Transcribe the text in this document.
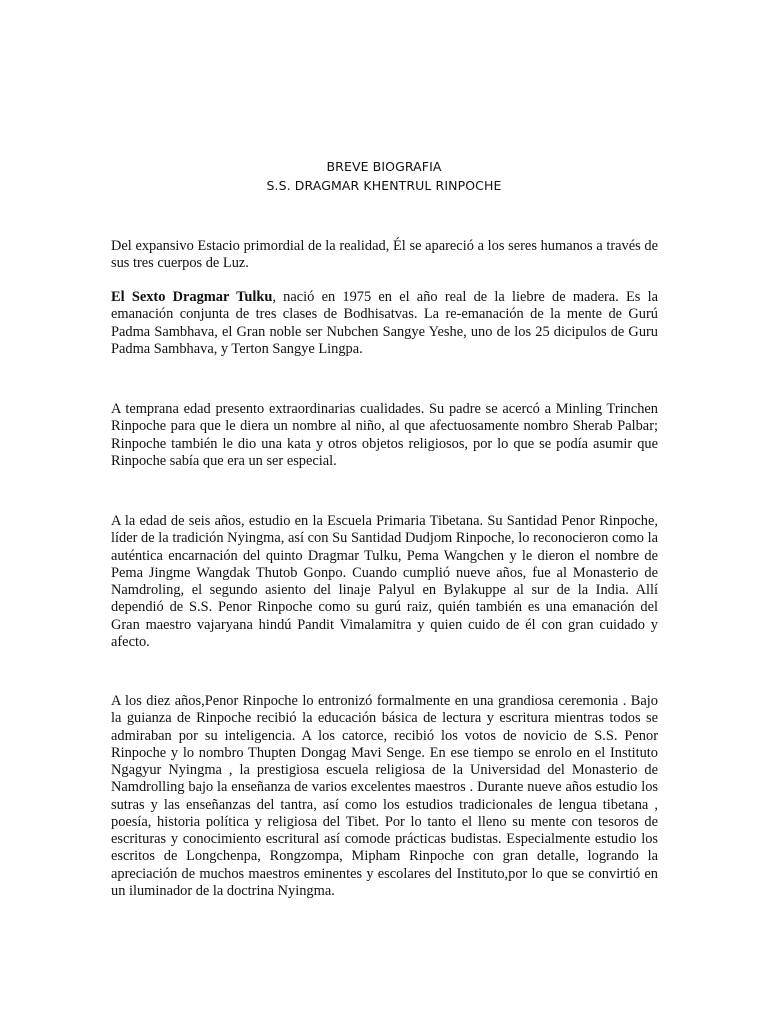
BREVE BIOGRAFIA
S.S. DRAGMAR KHENTRUL RINPOCHE

Del expansivo Estacio primordial de la realidad, Él se apareció a los seres humanos a través de sus tres cuerpos de Luz.

El Sexto Dragmar Tulku, nació en 1975 en el año real de la liebre de madera. Es la emanación conjunta de tres clases de Bodhisatvas. La re-emanación de la mente de Gurú Padma Sambhava, el Gran noble ser Nubchen Sangye Yeshe, uno de los 25 dicipulos de Guru Padma Sambhava, y Terton Sangye Lingpa.

A temprana edad presento extraordinarias cualidades. Su padre se acercó a Minling Trinchen Rinpoche para que le diera un nombre al niño, al que afectuosamente nombro Sherab Palbar; Rinpoche también le dio una kata y otros objetos religiosos, por lo que se podía asumir que Rinpoche sabía que era un ser especial.

A la edad de seis años, estudio en la Escuela Primaria Tibetana. Su Santidad Penor Rinpoche, líder de la tradición Nyingma, así con Su Santidad Dudjom Rinpoche, lo reconocieron como la auténtica encarnación del quinto Dragmar Tulku, Pema Wangchen y le dieron el nombre de Pema Jingme Wangdak Thutob Gonpo. Cuando cumplió nueve años, fue al Monasterio de Namdroling, el segundo asiento del linaje Palyul en Bylakuppe al sur de la India. Allí dependió de S.S. Penor Rinpoche como su gurú raiz, quién también es una emanación del Gran maestro vajaryana hindú Pandit Vimalamitra y quien cuido de él con gran cuidado y afecto.

A los diez años,Penor Rinpoche lo entronizó formalmente en una grandiosa ceremonia . Bajo la guianza de Rinpoche recibió la educación básica de lectura y escritura mientras todos se admiraban por su inteligencia. A los catorce, recibió los votos de novicio de S.S. Penor Rinpoche y lo nombro Thupten Dongag Mavi Senge. En ese tiempo se enrolo en el Instituto Ngagyur Nyingma , la prestigiosa escuela religiosa de la Universidad del Monasterio de Namdrolling bajo la enseñanza de varios excelentes maestros . Durante nueve años estudio los sutras y las enseñanzas del tantra, así como los estudios tradicionales de lengua tibetana , poesía, historia política y religiosa del Tibet. Por lo tanto el lleno su mente con tesoros de escrituras y conocimiento escritural así comode prácticas budistas. Especialmente estudio los escritos de Longchenpa, Rongzompa, Mipham Rinpoche con gran detalle, logrando la apreciación de muchos maestros eminentes y escolares del Instituto,por lo que se convirtió en un iluminador de la doctrina Nyingma.
